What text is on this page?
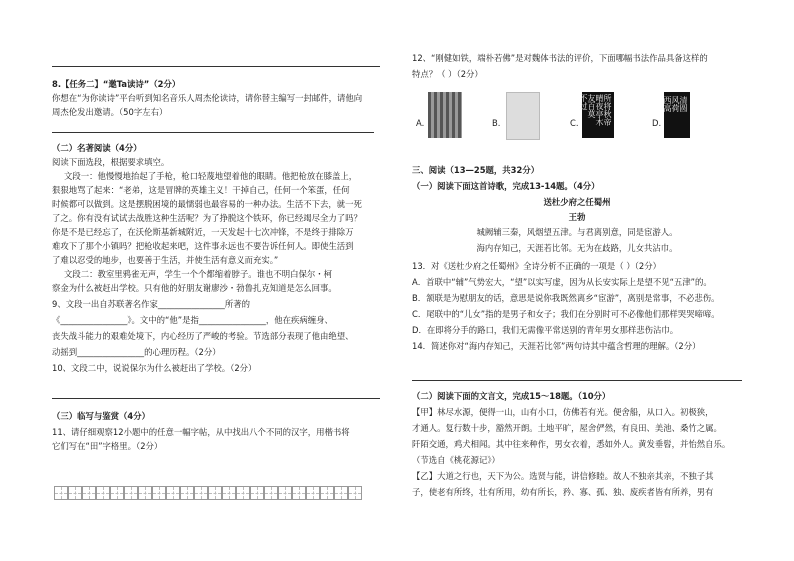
8.【任务二】“邀Ta读诗”（2分）
你想在“为你读诗”平台听到知名音乐人周杰伦读诗，请你替主编写一封邮件，请他向
周杰伦发出邀请。（50字左右）
（二）名著阅读（4分）
阅读下面选段，根据要求填空。
文段一：他慢慢地抬起了手枪，枪口轻蔑地望着他的眼睛。他把枪放在膝盖上，
狠狠地骂了起来：“老弟，这是冒牌的英雄主义！干掉自己，任何一个笨蛋，任何
时候都可以做到。这是摆脱困境的最懦弱也最容易的一种办法。生活不下去，就一死
了之。你有没有试试去战胜这种生活呢？为了挣脱这个铁环，你已经竭尽全力了吗？
你是不是已经忘了，在沃伦斯基新城附近，一天发起十七次冲锋，不是终于排除万
难攻下了那个小镇吗？把枪收起来吧，这件事永远也不要告诉任何人。即使生活到
了难以忍受的地步，也要善于生活，并使生活有意义而充实。”
文段二：教室里鸦雀无声，学生一个个都缩着脖子。谁也不明白保尔・柯
察金为什么被赶出学校。只有他的好朋友谢廖沙・勃鲁扎克知道是怎么回事。
9、文段一出自苏联著名作家________________所著的
《________________》。文中的“他”是指________________，他在疾病缠身、
丧失战斗能力的艰难处境下，内心经历了严峻的考验。节选部分表现了他由绝望、
动摇到________________的心理历程。（2分）
10、文段二中，说说保尔为什么被赶出了学校。（2分）
（三）临写与鉴赏（4分）
11、请仔细观察12小题中的任意一幅字帖，从中找出八个不同的汉字，用楷书将
它们写在“田”字格里。（2分）
12、“刚健如铁，端朴若佛”是对魏体书法的评价，下面哪幅书法作品具备这样的
特点？（ ）（2分）
A.	B.	C.	所将秋帝
晴夜亭木
友百莫
不过
D.
清圆
风荷
西高
三、阅读（13—25题，共32分）
（一）阅读下面这首诗歌，完成13-14题。（4分）
送杜少府之任蜀州
王勃
城阙辅三秦，风烟望五津。与君离别意，同是宦游人。
海内存知己，天涯若比邻。无为在歧路，儿女共沾巾。
13．对《送杜少府之任蜀州》全诗分析不正确的一项是（ ）（2分）
A．首联中“辅”气势宏大，“望”以实写虚，因为从长安实际上是望不见“五津”的。
B．颔联是为慰朋友的话，意思是说你我既然离乡“宦游”，离别是常事，不必悲伤。
C．尾联中的“儿女”指的是男子和女子；我们在分别时可不必像他们那样哭哭啼啼。
D．在即将分手的路口，我们无需像平常送别的青年男女那样悲伤沾巾。
14．简述你对“海内存知己，天涯若比邻”两句诗其中蕴含哲理的理解。（2分）
（二）阅读下面的文言文，完成15～18题。（10分）
【甲】林尽水源，便得一山，山有小口，仿佛若有光。便舍船，从口入。初极狭，
才通人。复行数十步，豁然开朗。土地平旷，屋舍俨然，有良田、美池、桑竹之属。
阡陌交通，鸡犬相闻。其中往来种作，男女衣着，悉如外人。黄发垂髫，并怡然自乐。
（节选自《桃花源记》）
【乙】大道之行也，天下为公。选贤与能，讲信修睦。故人不独亲其亲，不独子其
子，使老有所终，壮有所用，幼有所长，矜、寡、孤、独、废疾者皆有所养，男有
